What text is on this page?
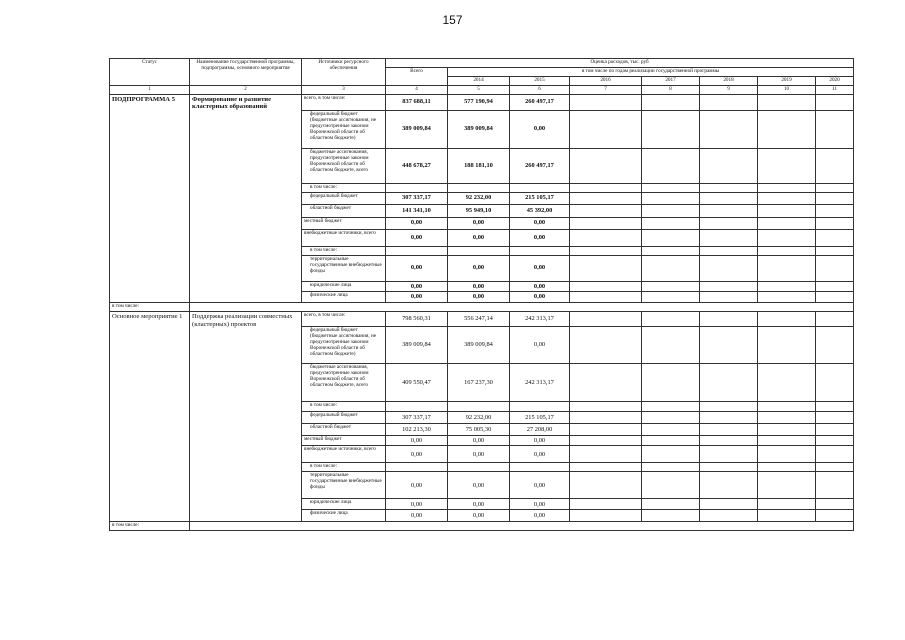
157
Статус	Наименование государственной программы, подпрограммы, основного мероприятия	Источники ресурсного обеспечения	Оценка расходов, тыс. руб							
			Всего	в том числе по годам реализации государственной программы						
				2014	2015	2016	2017	2018	2019	2020
1	2	3	4	5	6	7	8	9	10	11
ПОДПРОГРАММА 5	Формирование и развитие кластерных образований	всего, в том числе:	837 688,11	577 190,94	260 497,17					
		федеральный бюджет (бюджетные ассигнования, не предусмотренные законом Воронежской области об областном бюджете)	389 009,84	389 009,84	0,00					
		бюджетные ассигнования, предусмотренные законом Воронежской области об областном бюджете, всего	448 678,27	188 181,10	260 497,17					
		в том числе:								
		федеральный бюджет	307 337,17	92 232,00	215 105,17					
		областной бюджет	141 341,10	95 949,10	45 392,00					
		местный бюджет	0,00	0,00	0,00					
		внебюджетные источники, всего	0,00	0,00	0,00					
		в том числе:								
		территориальные государственные внебюджетные фонды	0,00	0,00	0,00					
		юридические лица	0,00	0,00	0,00					
		физические лица	0,00	0,00	0,00					
в том числе:										
Основное мероприятие 1	Поддержка реализации совместных (кластерных) проектов	всего, в том числе:	798 560,31	556 247,14	242 313,17					
		федеральный бюджет (бюджетные ассигнования, не предусмотренные законом Воронежской области об областном бюджете)	389 009,84	389 009,84	0,00					
		бюджетные ассигнования, предусмотренные законом Воронежской области об областном бюджете, всего	409 550,47	167 237,30	242 313,17					
		в том числе:								
		федеральный бюджет	307 337,17	92 232,00	215 105,17					
		областной бюджет	102 213,30	75 005,30	27 208,00					
		местный бюджет	0,00	0,00	0,00					
		внебюджетные источники, всего	0,00	0,00	0,00					
		в том числе:								
		территориальные государственные внебюджетные фонды	0,00	0,00	0,00					
		юридические лица	0,00	0,00	0,00					
		физические лица	0,00	0,00	0,00					
в том числе:										
